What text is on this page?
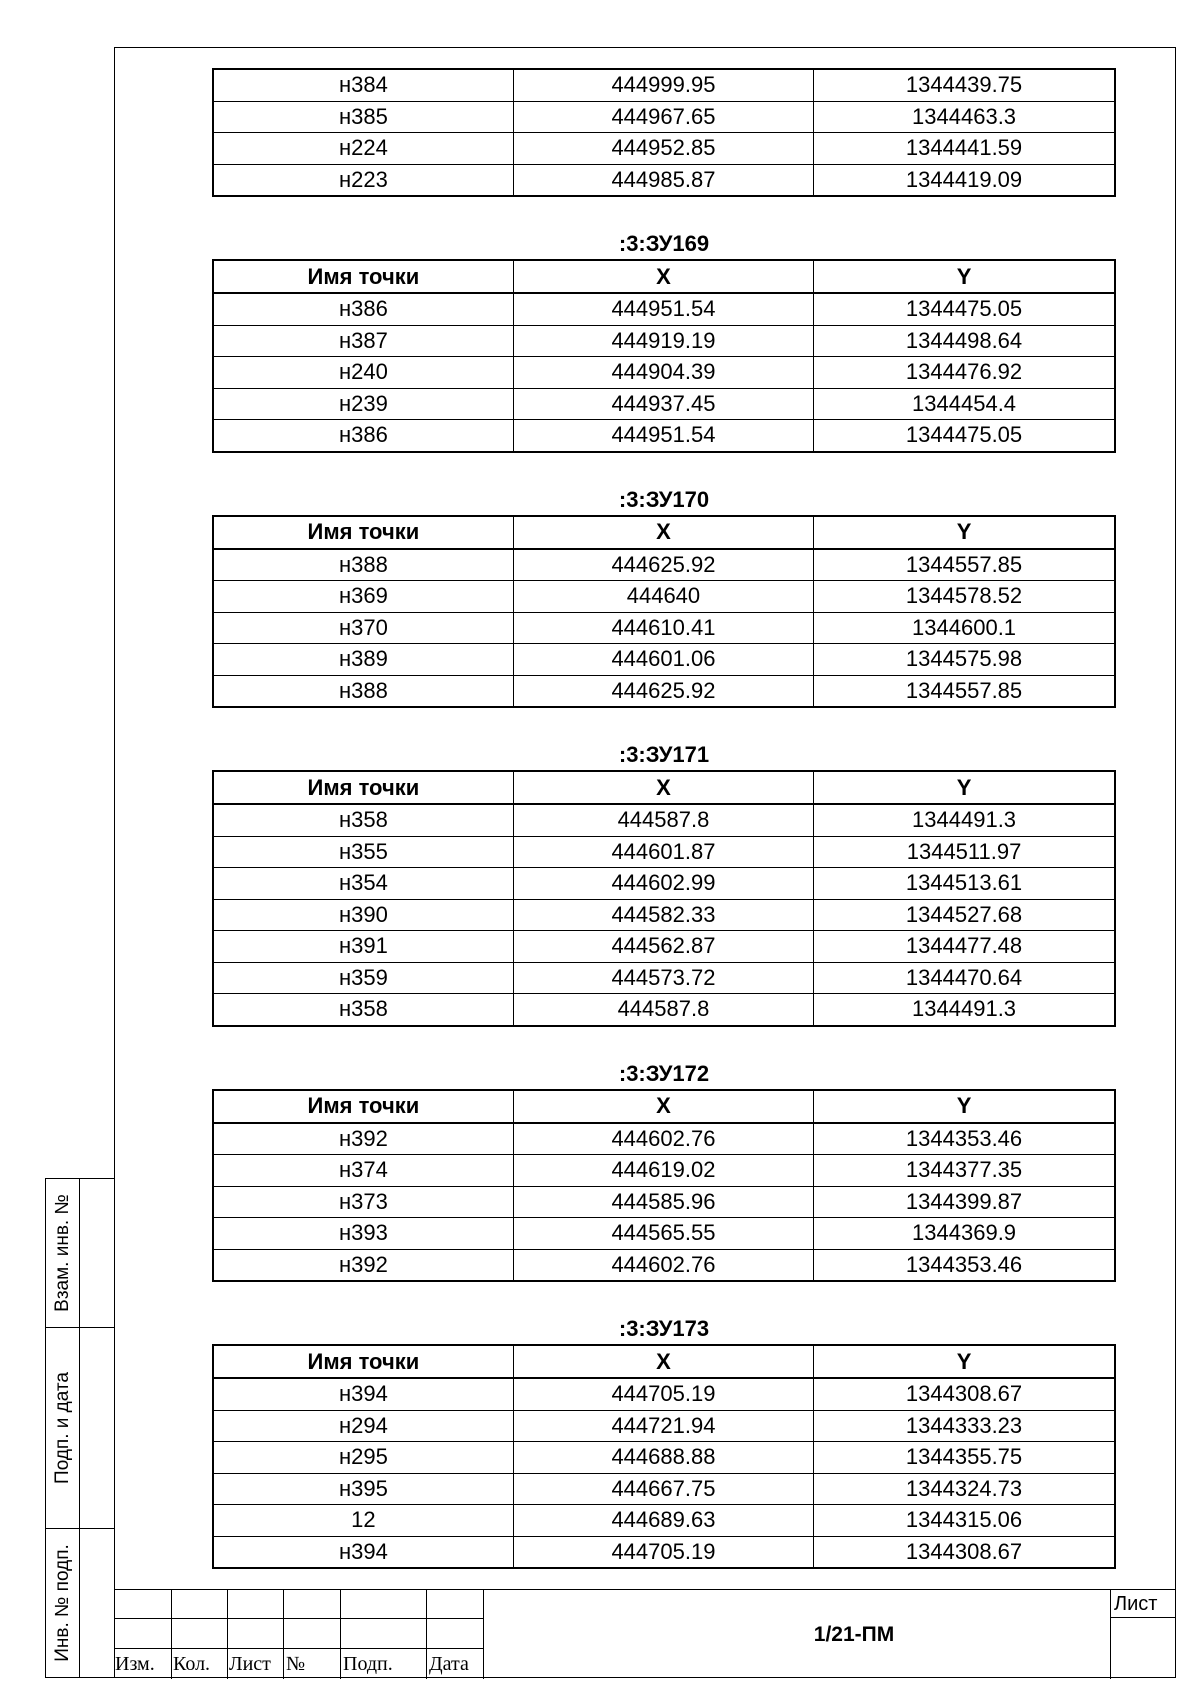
н384	444999.95	1344439.75
н385	444967.65	1344463.3
н224	444952.85	1344441.59
н223	444985.87	1344419.09
:3:ЗУ169
Имя точки	X	Y
н386	444951.54	1344475.05
н387	444919.19	1344498.64
н240	444904.39	1344476.92
н239	444937.45	1344454.4
н386	444951.54	1344475.05
:3:ЗУ170
Имя точки	X	Y
н388	444625.92	1344557.85
н369	444640	1344578.52
н370	444610.41	1344600.1
н389	444601.06	1344575.98
н388	444625.92	1344557.85
:3:ЗУ171
Имя точки	X	Y
н358	444587.8	1344491.3
н355	444601.87	1344511.97
н354	444602.99	1344513.61
н390	444582.33	1344527.68
н391	444562.87	1344477.48
н359	444573.72	1344470.64
н358	444587.8	1344491.3
:3:ЗУ172
Имя точки	X	Y
н392	444602.76	1344353.46
н374	444619.02	1344377.35
н373	444585.96	1344399.87
н393	444565.55	1344369.9
н392	444602.76	1344353.46
:3:ЗУ173
Имя точки	X	Y
н394	444705.19	1344308.67
н294	444721.94	1344333.23
н295	444688.88	1344355.75
н395	444667.75	1344324.73
12	444689.63	1344315.06
н394	444705.19	1344308.67
Взам. инв. №
Подп. и дата
Инв. № подп.
Изм. Кол. Лист № Подп. Дата
1/21-ПМ
Лист
